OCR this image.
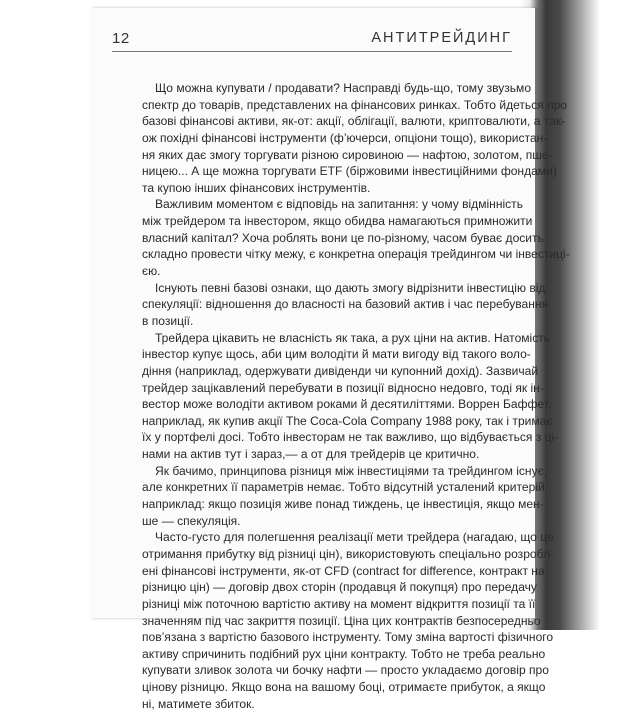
12	АНТИТРЕЙДИНГ
Що можна купувати / продавати? Насправді будь-що, тому звузьмо
спектр до товарів, представлених на фінансових ринках. Тобто йдеться про
базові фінансові активи, як-от: акції, облігації, валюти, криптовалюти, а так-
ож похідні фінансові інструменти (ф’ючерси, опціони тощо), використан-
ня яких дає змогу торгувати різною сировиною — нафтою, золотом, пше-
ницею... А ще можна торгувати ETF (біржовими інвестиційними фондами)
та купою інших фінансових інструментів.
Важливим моментом є відповідь на запитання: у чому відмінність
між трейдером та інвестором, якщо обидва намагаються примножити
власний капітал? Хоча роблять вони це по-різному, часом буває досить
складно провести чітку межу, є конкретна операція трейдингом чи інвестиці-
єю.
Існують певні базові ознаки, що дають змогу відрізнити інвестицію від
спекуляції: відношення до власності на базовий актив і час перебування
в позиції.
Трейдера цікавить не власність як така, а рух ціни на актив. Натомість
інвестор купує щось, аби цим володіти й мати вигоду від такого воло-
діння (наприклад, одержувати дивіденди чи купонний дохід). Зазвичай
трейдер зацікавлений перебувати в позиції відносно недовго, тоді як ін-
вестор може володіти активом роками й десятиліттями. Воррен Баффет,
наприклад, як купив акції The Coca-Cola Company 1988 року, так і тримає
їх у портфелі досі. Тобто інвесторам не так важливо, що відбувається з ці-
нами на актив тут і зараз,— а от для трейдерів це критично.
Як бачимо, принципова різниця між інвестиціями та трейдингом існує,
але конкретних її параметрів немає. Тобто відсутній усталений критерій,
наприклад: якщо позиція живе понад тиждень, це інвестиція, якщо мен-
ше — спекуляція.
Часто-густо для полегшення реалізації мети трейдера (нагадаю, що це
отримання прибутку від різниці цін), використовують спеціально розробл-
ені фінансові інструменти, як-от CFD (contract for difference, контракт на
різницю цін) — договір двох сторін (продавця й покупця) про передачу
різниці між поточною вартістю активу на момент відкриття позиції та її
значенням під час закриття позиції. Ціна цих контрактів безпосередньо
пов’язана з вартістю базового інструменту. Тому зміна вартості фізичного
активу спричинить подібний рух ціни контракту. Тобто не треба реально
купувати зливок золота чи бочку нафти — просто укладаємо договір про
цінову різницю. Якщо вона на вашому боці, отримаєте прибуток, а якщо
ні, матимете збиток.
